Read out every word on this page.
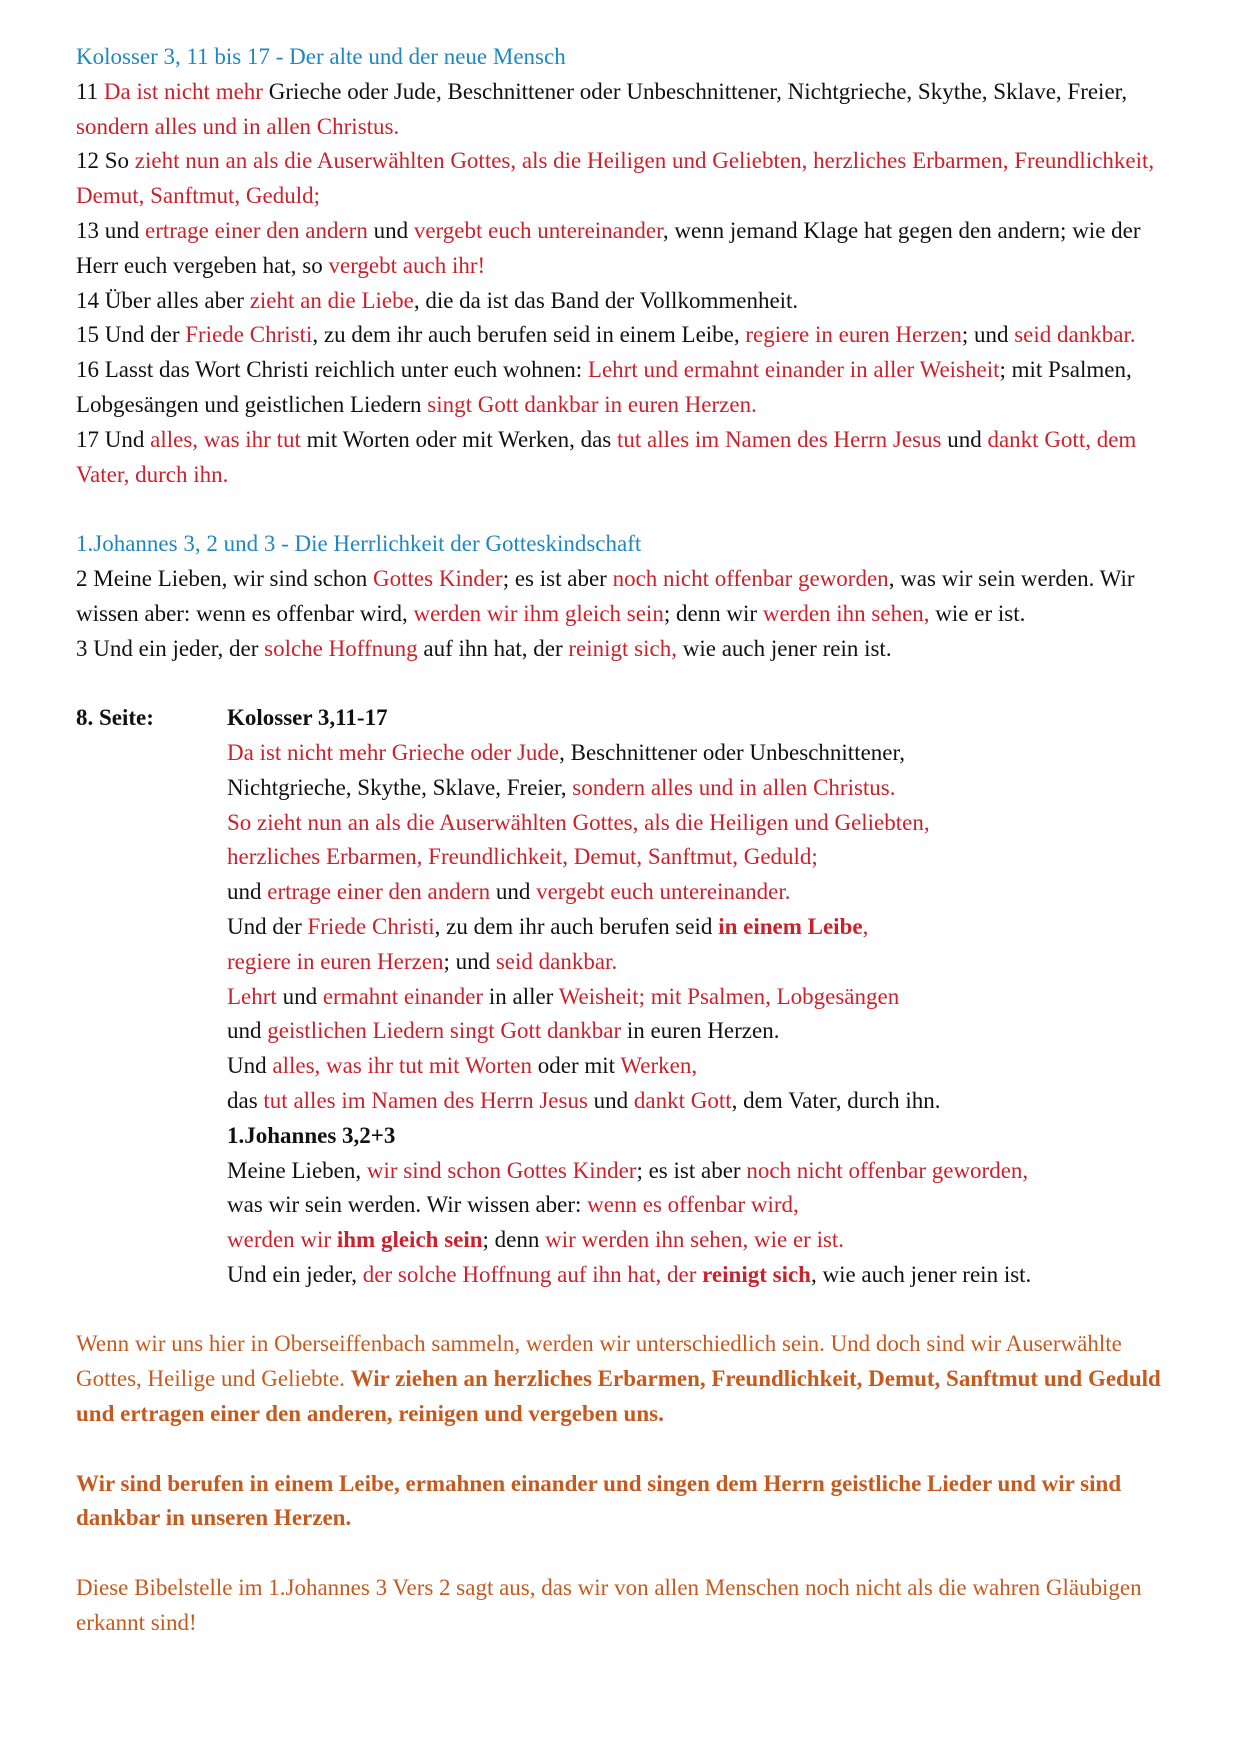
Kolosser 3, 11 bis 17 - Der alte und der neue Mensch

11 Da ist nicht mehr Grieche oder Jude, Beschnittener oder Unbeschnittener, Nichtgrieche, Skythe, Sklave, Freier, sondern alles und in allen Christus.

12 So zieht nun an als die Auserwählten Gottes, als die Heiligen und Geliebten, herzliches Erbarmen, Freundlichkeit, Demut, Sanftmut, Geduld;

13 und ertrage einer den andern und vergebt euch untereinander, wenn jemand Klage hat gegen den andern; wie der Herr euch vergeben hat, so vergebt auch ihr!

14 Über alles aber zieht an die Liebe, die da ist das Band der Vollkommenheit.

15 Und der Friede Christi, zu dem ihr auch berufen seid in einem Leibe, regiere in euren Herzen; und seid dankbar.

16 Lasst das Wort Christi reichlich unter euch wohnen: Lehrt und ermahnt einander in aller Weisheit; mit Psalmen, Lobgesängen und geistlichen Liedern singt Gott dankbar in euren Herzen.

17 Und alles, was ihr tut mit Worten oder mit Werken, das tut alles im Namen des Herrn Jesus und dankt Gott, dem Vater, durch ihn.

1.Johannes 3, 2 und 3 - Die Herrlichkeit der Gotteskindschaft

2 Meine Lieben, wir sind schon Gottes Kinder; es ist aber noch nicht offenbar geworden, was wir sein werden. Wir wissen aber: wenn es offenbar wird, werden wir ihm gleich sein; denn wir werden ihn sehen, wie er ist.

3 Und ein jeder, der solche Hoffnung auf ihn hat, der reinigt sich, wie auch jener rein ist.

8. Seite:	Kolosser 3,11-17

Da ist nicht mehr Grieche oder Jude, Beschnittener oder Unbeschnittener,

Nichtgrieche, Skythe, Sklave, Freier, sondern alles und in allen Christus.

So zieht nun an als die Auserwählten Gottes, als die Heiligen und Geliebten,

herzliches Erbarmen, Freundlichkeit, Demut, Sanftmut, Geduld;

und ertrage einer den andern und vergebt euch untereinander.

Und der Friede Christi, zu dem ihr auch berufen seid in einem Leibe,

regiere in euren Herzen; und seid dankbar.

Lehrt und ermahnt einander in aller Weisheit; mit Psalmen, Lobgesängen

und geistlichen Liedern singt Gott dankbar in euren Herzen.

Und alles, was ihr tut mit Worten oder mit Werken,

das tut alles im Namen des Herrn Jesus und dankt Gott, dem Vater, durch ihn.

1.Johannes 3,2+3

Meine Lieben, wir sind schon Gottes Kinder; es ist aber noch nicht offenbar geworden,

was wir sein werden. Wir wissen aber: wenn es offenbar wird,

werden wir ihm gleich sein; denn wir werden ihn sehen, wie er ist.

Und ein jeder, der solche Hoffnung auf ihn hat, der reinigt sich, wie auch jener rein ist.

Wenn wir uns hier in Oberseiffenbach sammeln, werden wir unterschiedlich sein. Und doch sind wir Auserwählte Gottes, Heilige und Geliebte. Wir ziehen an herzliches Erbarmen, Freundlichkeit, Demut, Sanftmut und Geduld und ertragen einer den anderen, reinigen und vergeben uns.

Wir sind berufen in einem Leibe, ermahnen einander und singen dem Herrn geistliche Lieder und wir sind dankbar in unseren Herzen.

Diese Bibelstelle im 1.Johannes 3 Vers 2 sagt aus, das wir von allen Menschen noch nicht als die wahren Gläubigen erkannt sind!
